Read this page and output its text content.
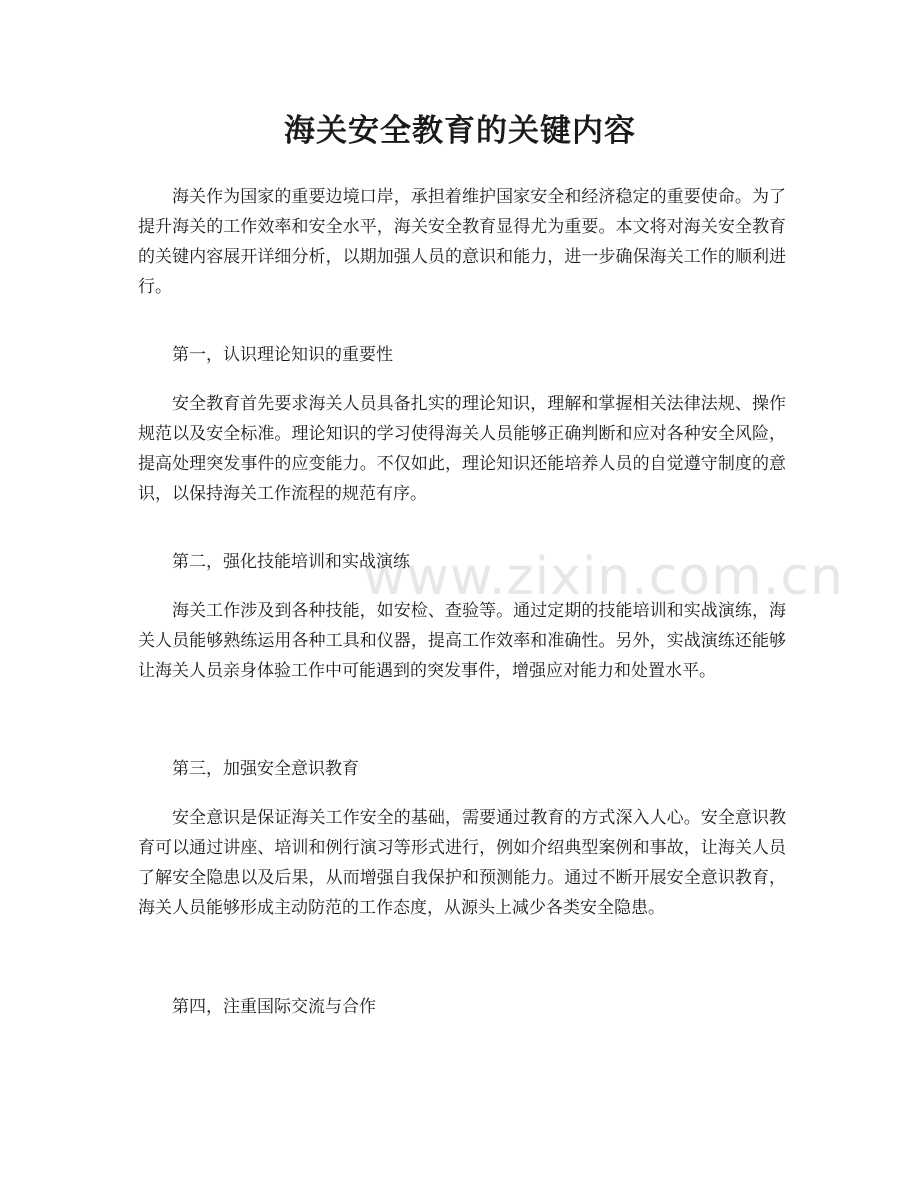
海关安全教育的关键内容

海关作为国家的重要边境口岸，承担着维护国家安全和经济稳定的重要使命。为了提升海关的工作效率和安全水平，海关安全教育显得尤为重要。本文将对海关安全教育的关键内容展开详细分析，以期加强人员的意识和能力，进一步确保海关工作的顺利进行。

第一，认识理论知识的重要性

安全教育首先要求海关人员具备扎实的理论知识，理解和掌握相关法律法规、操作规范以及安全标准。理论知识的学习使得海关人员能够正确判断和应对各种安全风险，提高处理突发事件的应变能力。不仅如此，理论知识还能培养人员的自觉遵守制度的意识，以保持海关工作流程的规范有序。

第二，强化技能培训和实战演练

海关工作涉及到各种技能，如安检、查验等。通过定期的技能培训和实战演练，海关人员能够熟练运用各种工具和仪器，提高工作效率和准确性。另外，实战演练还能够让海关人员亲身体验工作中可能遇到的突发事件，增强应对能力和处置水平。

第三，加强安全意识教育

安全意识是保证海关工作安全的基础，需要通过教育的方式深入人心。安全意识教育可以通过讲座、培训和例行演习等形式进行，例如介绍典型案例和事故，让海关人员了解安全隐患以及后果，从而增强自我保护和预测能力。通过不断开展安全意识教育，海关人员能够形成主动防范的工作态度，从源头上减少各类安全隐患。

第四，注重国际交流与合作

www.zixin.com.cn
